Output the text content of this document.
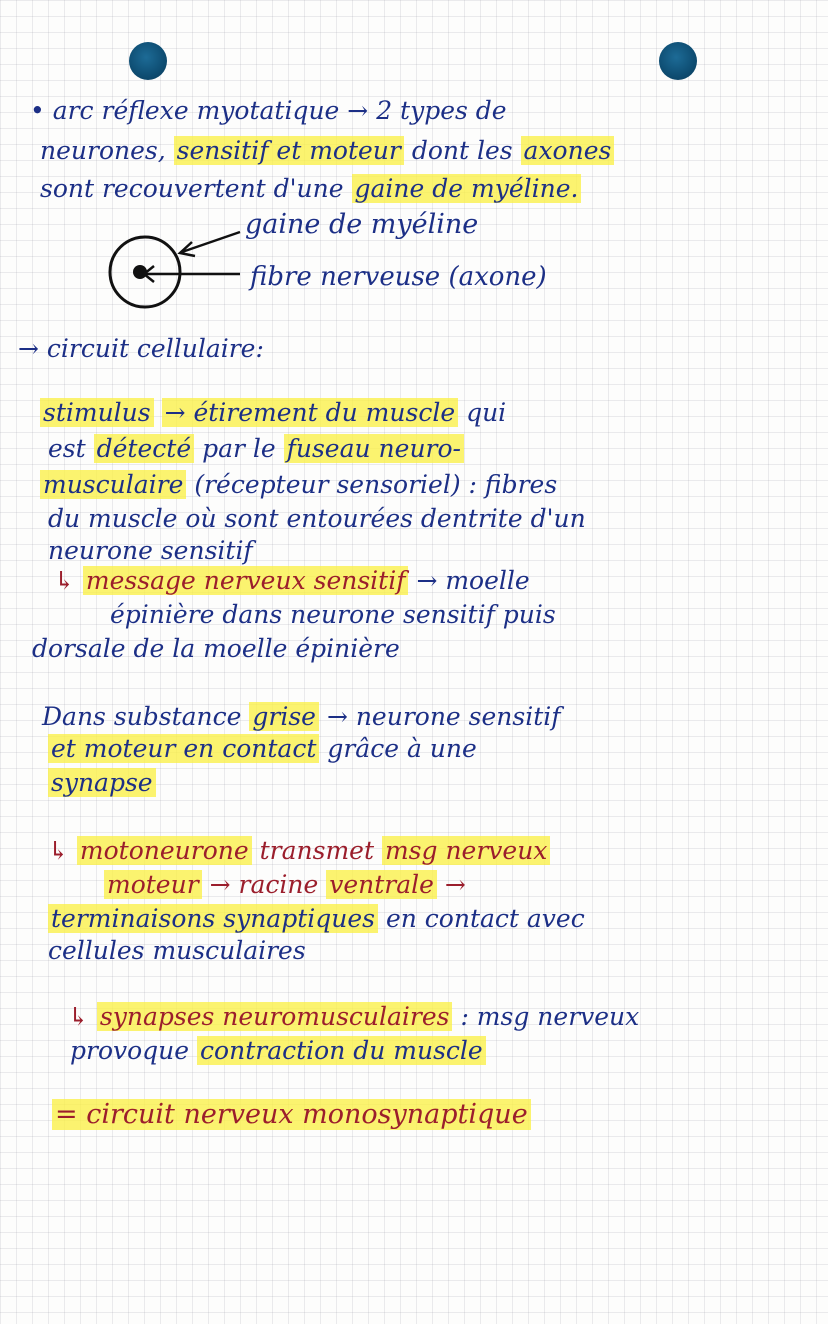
• arc réflexe myotatique → 2 types de
neurones, sensitif et moteur dont les axones
sont recouvertent d'une gaine de myéline.
gaine de myéline
fibre nerveuse (axone)
→ circuit cellulaire:
stimulus → étirement du muscle qui
est détecté par le fuseau neuro-
musculaire (récepteur sensoriel) : fibres
du muscle où sont entourées dentrite d'un
neurone sensitif
↳ message nerveux sensitif → moelle
épinière dans neurone sensitif puis
dorsale de la moelle épinière
Dans substance grise → neurone sensitif
et moteur en contact grâce à une
synapse
↳ motoneurone transmet msg nerveux
moteur → racine ventrale →
terminaisons synaptiques en contact avec
cellules musculaires
↳ synapses neuromusculaires : msg nerveux
provoque contraction du muscle
= circuit nerveux monosynaptique
